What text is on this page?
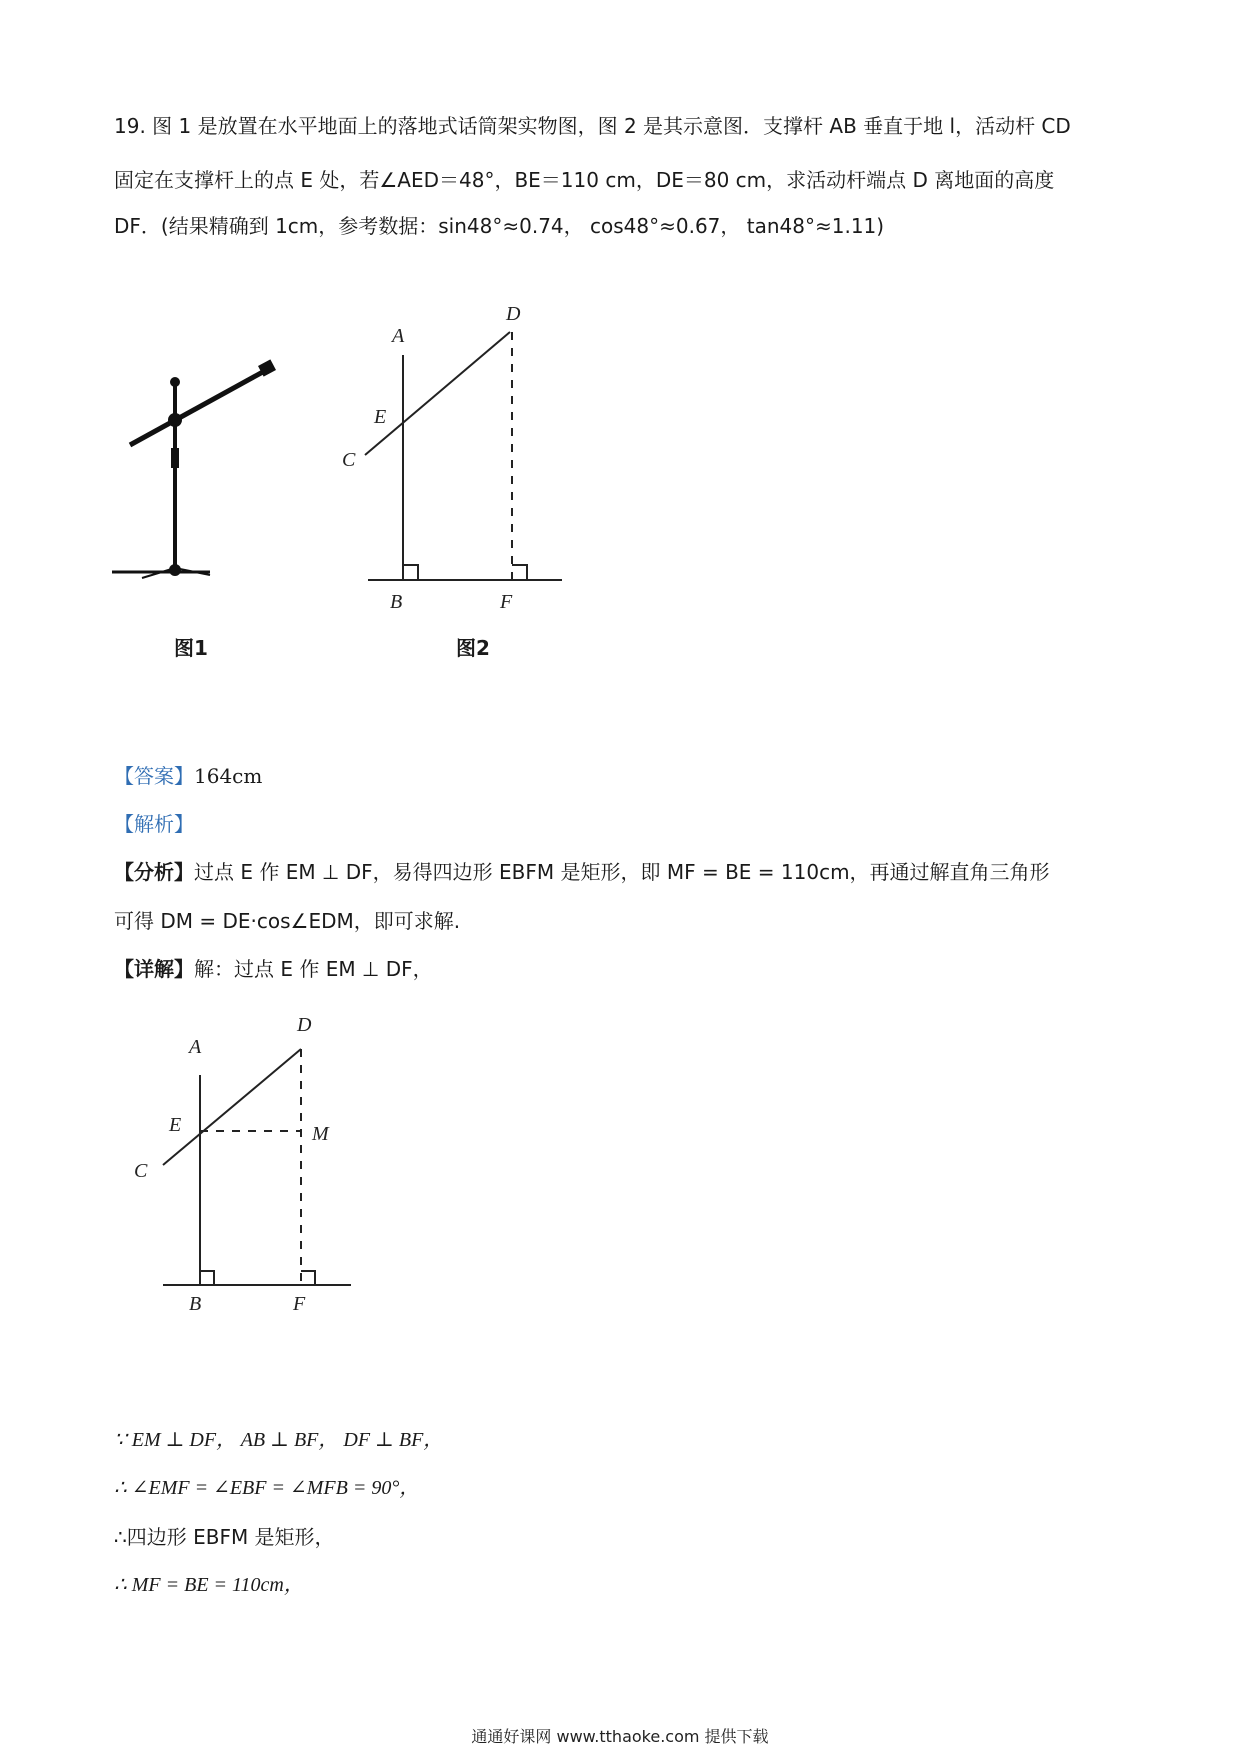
19. 图 1 是放置在水平地面上的落地式话筒架实物图，图 2 是其示意图．支撑杆 AB 垂直于地 l，活动杆 CD
固定在支撑杆上的点 E 处，若∠AED＝48°，BE＝110 cm，DE＝80 cm，求活动杆端点 D 离地面的高度
DF．(结果精确到 1cm，参考数据：sin48°≈0.74， cos48°≈0.67， tan48°≈1.11)
图1
A
D
E
C
B	F
图2
【答案】164cm
【解析】
【分析】过点 E 作 EM ⊥ DF，易得四边形 EBFM 是矩形，即 MF = BE = 110cm，再通过解直角三角形
可得 DM = DE·cos∠EDM，即可求解.
【详解】解：过点 E 作 EM ⊥ DF，
A
D
E	M
C
B	F
∵ EM ⊥ DF， AB ⊥ BF， DF ⊥ BF，
∴ ∠EMF = ∠EBF = ∠MFB = 90°，
∴四边形 EBFM 是矩形，
∴ MF = BE = 110cm，
通通好课网 www.tthaoke.com 提供下载
